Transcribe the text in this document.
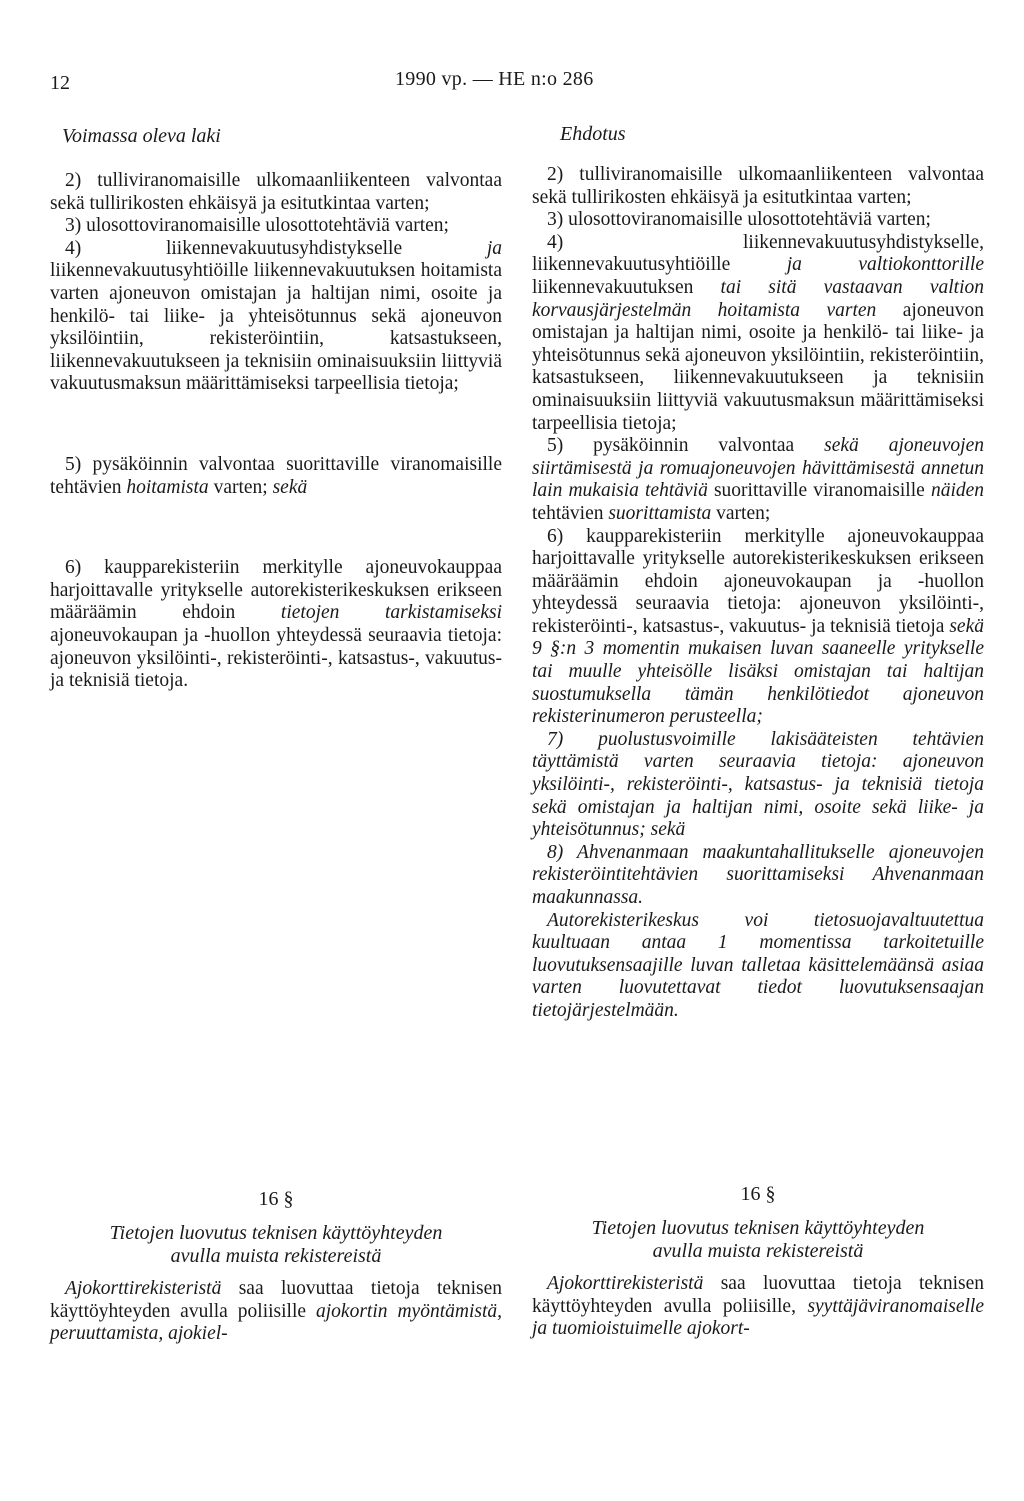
12	1990 vp. — HE n:o 286
Voimassa oleva laki	Ehdotus

2) tulliviranomaisille ulkomaanliikenteen valvontaa sekä tullirikosten ehkäisyä ja esitutkintaa varten;

3) ulosottoviranomaisille ulosottotehtäviä varten;

4) liikennevakuutusyhdistykselle ja liikennevakuutusyhtiöille liikennevakuutuksen hoitamista varten ajoneuvon omistajan ja haltijan nimi, osoite ja henkilö- tai liike- ja yhteisötunnus sekä ajoneuvon yksilöintiin, rekisteröintiin, katsastukseen, liikennevakuutukseen ja teknisiin ominaisuuksiin liittyviä vakuutusmaksun määrittämiseksi tarpeellisia tietoja;

5) pysäköinnin valvontaa suorittaville viranomaisille tehtävien hoitamista varten; sekä

6) kaupparekisteriin merkitylle ajoneuvokauppaa harjoittavalle yritykselle autorekisterikeskuksen erikseen määräämin ehdoin tietojen tarkistamiseksi ajoneuvokaupan ja -huollon yhteydessä seuraavia tietoja: ajoneuvon yksilöinti-, rekisteröinti-, katsastus-, vakuutus- ja teknisiä tietoja.

2) tulliviranomaisille ulkomaanliikenteen valvontaa sekä tullirikosten ehkäisyä ja esitutkintaa varten;

3) ulosottoviranomaisille ulosottotehtäviä varten;

4) liikennevakuutusyhdistykselle, liikennevakuutusyhtiöille ja valtiokonttorille liikennevakuutuksen tai sitä vastaavan valtion korvausjärjestelmän hoitamista varten ajoneuvon omistajan ja haltijan nimi, osoite ja henkilö- tai liike- ja yhteisötunnus sekä ajoneuvon yksilöintiin, rekisteröintiin, katsastukseen, liikennevakuutukseen ja teknisiin ominaisuuksiin liittyviä vakuutusmaksun määrittämiseksi tarpeellisia tietoja;

5) pysäköinnin valvontaa sekä ajoneuvojen siirtämisestä ja romuajoneuvojen hävittämisestä annetun lain mukaisia tehtäviä suorittaville viranomaisille näiden tehtävien suorittamista varten;

6) kaupparekisteriin merkitylle ajoneuvokauppaa harjoittavalle yritykselle autorekisterikeskuksen erikseen määräämin ehdoin ajoneuvokaupan ja -huollon yhteydessä seuraavia tietoja: ajoneuvon yksilöinti-, rekisteröinti-, katsastus-, vakuutus- ja teknisiä tietoja sekä 9 §:n 3 momentin mukaisen luvan saaneelle yritykselle tai muulle yhteisölle lisäksi omistajan tai haltijan suostumuksella tämän henkilötiedot ajoneuvon rekisterinumeron perusteella;

7) puolustusvoimille lakisääteisten tehtävien täyttämistä varten seuraavia tietoja: ajoneuvon yksilöinti-, rekisteröinti-, katsastus- ja teknisiä tietoja sekä omistajan ja haltijan nimi, osoite sekä liike- ja yhteisötunnus; sekä

8) Ahvenanmaan maakuntahallitukselle ajoneuvojen rekisteröintitehtävien suorittamiseksi Ahvenanmaan maakunnassa.

Autorekisterikeskus voi tietosuojavaltuutettua kuultuaan antaa 1 momentissa tarkoitetuille luovutuksensaajille luvan talletaa käsittelemäänsä asiaa varten luovutettavat tiedot luovutuksensaajan tietojärjestelmään.

16 §
Tietojen luovutus teknisen käyttöyhteyden
avulla muista rekistereistä
16 §
Tietojen luovutus teknisen käyttöyhteyden
avulla muista rekistereistä

Ajokorttirekisteristä saa luovuttaa tietoja teknisen käyttöyhteyden avulla poliisille ajokortin myöntämistä, peruuttamista, ajokiel-

Ajokorttirekisteristä saa luovuttaa tietoja teknisen käyttöyhteyden avulla poliisille, syyttäjäviranomaiselle ja tuomioistuimelle ajokort-
